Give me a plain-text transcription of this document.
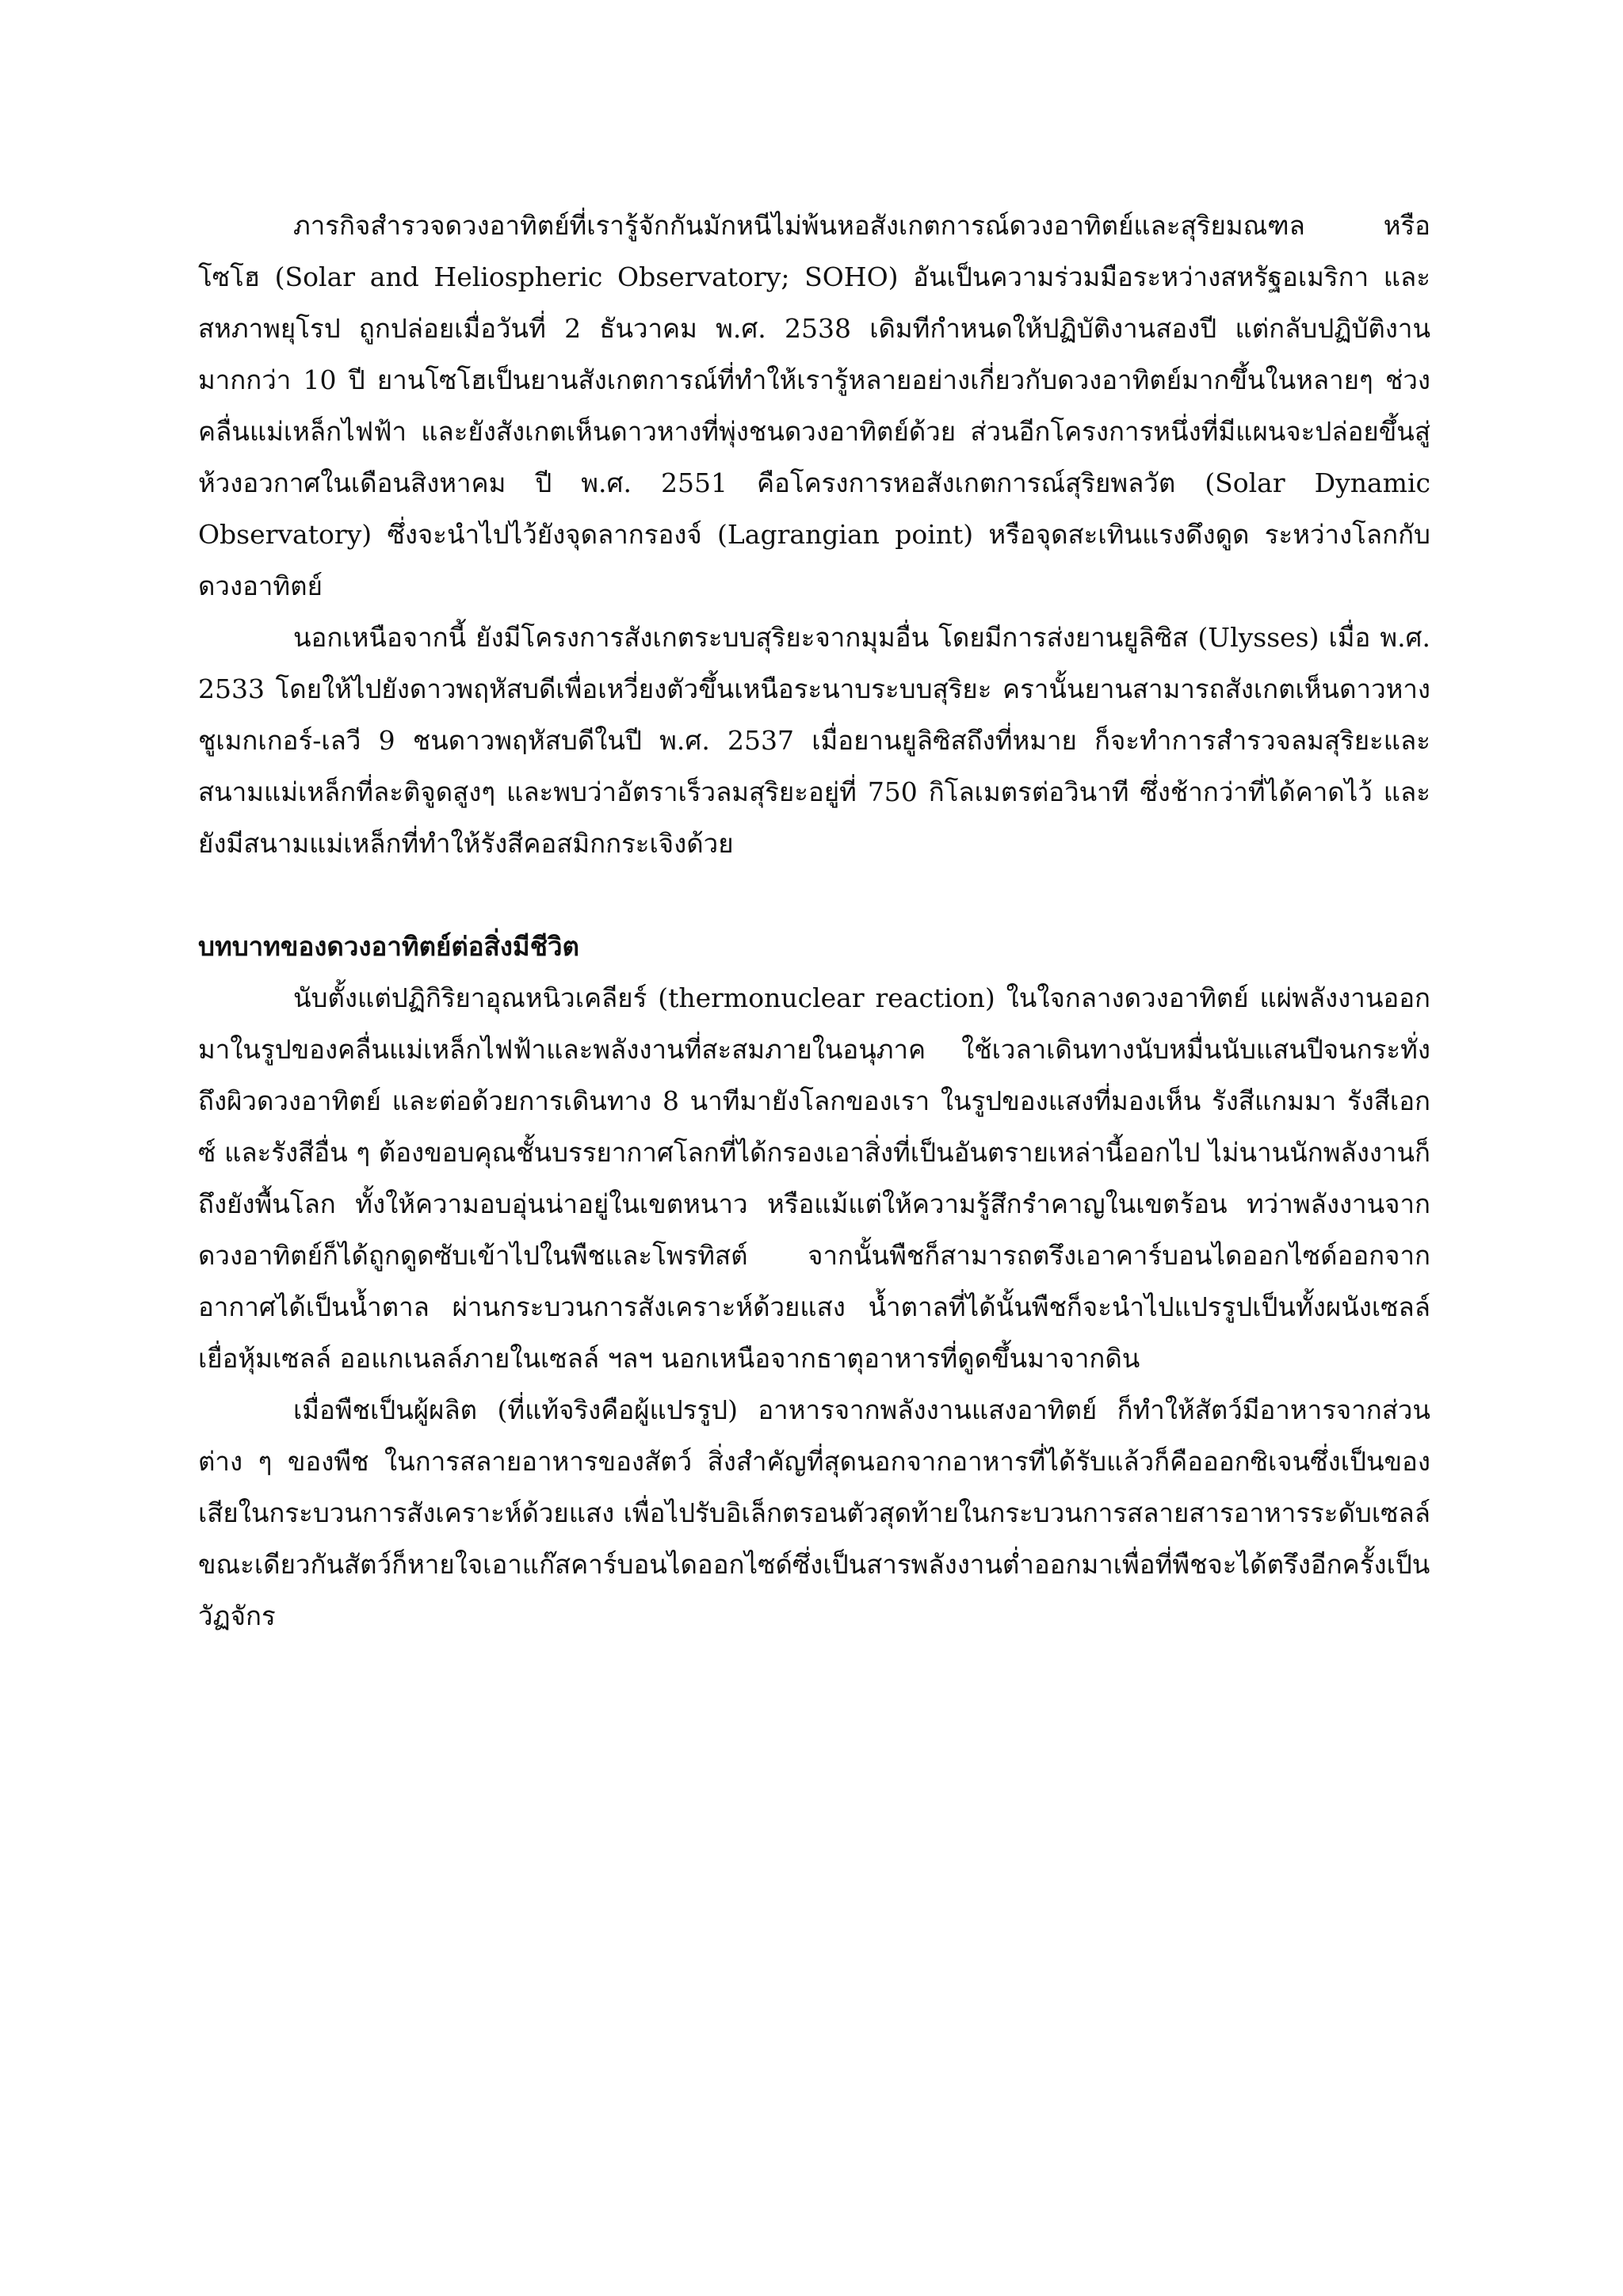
ภารกิจสำรวจดวงอาทิตย์ที่เรารู้จักกันมักหนีไม่พ้นหอสังเกตการณ์ดวงอาทิตย์และสุริยมณฑล หรือ โซโฮ (Solar and Heliospheric Observatory; SOHO) อันเป็นความร่วมมือระหว่างสหรัฐอเมริกา และสหภาพยุโรป ถูกปล่อยเมื่อวันที่ 2 ธันวาคม พ.ศ. 2538 เดิมทีกำหนดให้ปฏิบัติงานสองปี แต่กลับปฏิบัติงานมากกว่า 10 ปี ยานโซโฮเป็นยานสังเกตการณ์ที่ทำให้เรารู้หลายอย่างเกี่ยวกับดวงอาทิตย์มากขึ้นในหลายๆ ช่วงคลื่นแม่เหล็กไฟฟ้า และยังสังเกตเห็นดาวหางที่พุ่งชนดวงอาทิตย์ด้วย ส่วนอีกโครงการหนึ่งที่มีแผนจะปล่อยขึ้นสู่ห้วงอวกาศในเดือนสิงหาคม ปี พ.ศ. 2551 คือโครงการหอสังเกตการณ์สุริยพลวัต (Solar Dynamic Observatory) ซึ่งจะนำไปไว้ยังจุดลากรองจ์ (Lagrangian point) หรือจุดสะเทินแรงดึงดูด ระหว่างโลกกับดวงอาทิตย์

นอกเหนือจากนี้ ยังมีโครงการสังเกตระบบสุริยะจากมุมอื่น โดยมีการส่งยานยูลิซิส (Ulysses) เมื่อ พ.ศ. 2533 โดยให้ไปยังดาวพฤหัสบดีเพื่อเหวี่ยงตัวขึ้นเหนือระนาบระบบสุริยะ ครานั้นยานสามารถสังเกตเห็นดาวหางชูเมกเกอร์-เลวี 9 ชนดาวพฤหัสบดีในปี พ.ศ. 2537 เมื่อยานยูลิซิสถึงที่หมาย ก็จะทำการสำรวจลมสุริยะและสนามแม่เหล็กที่ละติจูดสูงๆ และพบว่าอัตราเร็วลมสุริยะอยู่ที่ 750 กิโลเมตรต่อวินาที ซึ่งช้ากว่าที่ได้คาดไว้ และยังมีสนามแม่เหล็กที่ทำให้รังสีคอสมิกกระเจิงด้วย

บทบาทของดวงอาทิตย์ต่อสิ่งมีชีวิต

นับตั้งแต่ปฏิกิริยาอุณหนิวเคลียร์ (thermonuclear reaction) ในใจกลางดวงอาทิตย์ แผ่พลังงานออกมาในรูปของคลื่นแม่เหล็กไฟฟ้าและพลังงานที่สะสมภายในอนุภาค ใช้เวลาเดินทางนับหมื่นนับแสนปีจนกระทั่งถึงผิวดวงอาทิตย์ และต่อด้วยการเดินทาง 8 นาทีมายังโลกของเรา ในรูปของแสงที่มองเห็น รังสีแกมมา รังสีเอกซ์ และรังสีอื่น ๆ ต้องขอบคุณชั้นบรรยากาศโลกที่ได้กรองเอาสิ่งที่เป็นอันตรายเหล่านี้ออกไป ไม่นานนักพลังงานก็ถึงยังพื้นโลก ทั้งให้ความอบอุ่นน่าอยู่ในเขตหนาว หรือแม้แต่ให้ความรู้สึกรำคาญในเขตร้อน ทว่าพลังงานจากดวงอาทิตย์ก็ได้ถูกดูดซับเข้าไปในพืชและโพรทิสต์ จากนั้นพืชก็สามารถตรึงเอาคาร์บอนไดออกไซด์ออกจากอากาศได้เป็นน้ำตาล ผ่านกระบวนการสังเคราะห์ด้วยแสง น้ำตาลที่ได้นั้นพืชก็จะนำไปแปรรูปเป็นทั้งผนังเซลล์ เยื่อหุ้มเซลล์ ออแกเนลล์ภายในเซลล์ ฯลฯ นอกเหนือจากธาตุอาหารที่ดูดขึ้นมาจากดิน

เมื่อพืชเป็นผู้ผลิต (ที่แท้จริงคือผู้แปรรูป) อาหารจากพลังงานแสงอาทิตย์ ก็ทำให้สัตว์มีอาหารจากส่วนต่าง ๆ ของพืช ในการสลายอาหารของสัตว์ สิ่งสำคัญที่สุดนอกจากอาหารที่ได้รับแล้วก็คือออกซิเจนซึ่งเป็นของเสียในกระบวนการสังเคราะห์ด้วยแสง เพื่อไปรับอิเล็กตรอนตัวสุดท้ายในกระบวนการสลายสารอาหารระดับเซลล์ ขณะเดียวกันสัตว์ก็หายใจเอาแก๊สคาร์บอนไดออกไซด์ซึ่งเป็นสารพลังงานต่ำออกมาเพื่อที่พืชจะได้ตรึงอีกครั้งเป็นวัฏจักร
